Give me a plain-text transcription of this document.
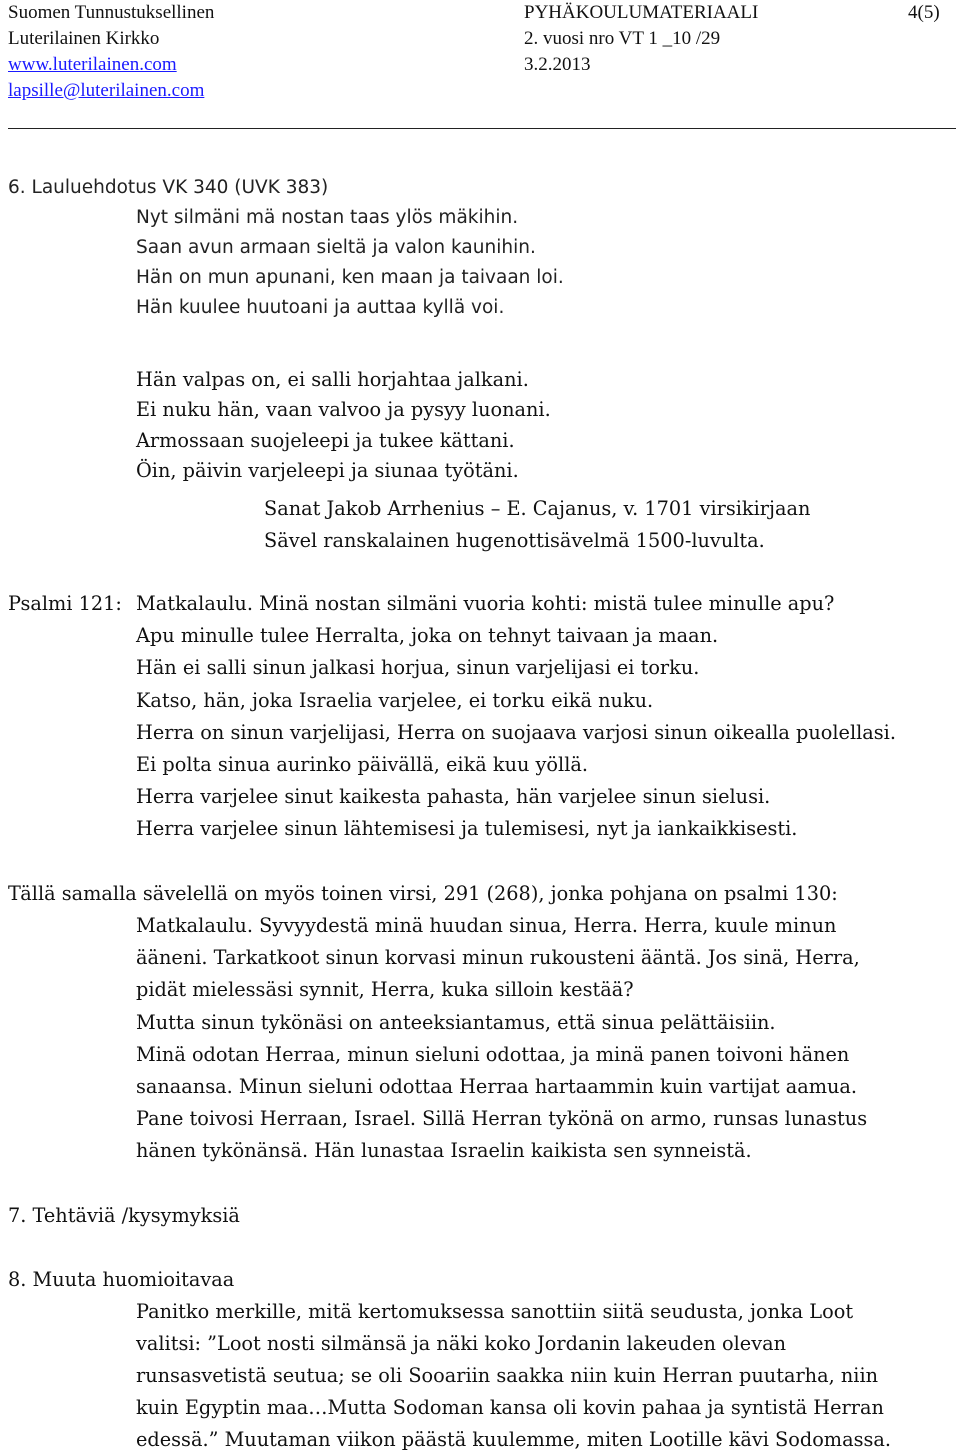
Suomen Tunnustuksellinen
Luterilainen Kirkko
www.luterilainen.com
lapsille@luterilainen.com
PYHÄKOULUMATERIAALI
2. vuosi nro VT 1 _10 /29
3.2.2013
4(5)
6. Lauluehdotus VK 340 (UVK 383)
Nyt silmäni mä nostan taas ylös mäkihin.
Saan avun armaan sieltä ja valon kaunihin.
Hän on mun apunani, ken maan ja taivaan loi.
Hän kuulee huutoani ja auttaa kyllä voi.
Hän valpas on, ei salli horjahtaa jalkani.
Ei nuku hän, vaan valvoo ja pysyy luonani.
Armossaan suojeleepi ja tukee kättani.
Öin, päivin varjeleepi ja siunaa työtäni.
Sanat Jakob Arrhenius – E. Cajanus, v. 1701 virsikirjaan
Sävel ranskalainen hugenottisävelmä 1500-luvulta.
Psalmi 121: Matkalaulu. Minä nostan silmäni vuoria kohti: mistä tulee minulle apu?
Apu minulle tulee Herralta, joka on tehnyt taivaan ja maan.
Hän ei salli sinun jalkasi horjua, sinun varjelijasi ei torku.
Katso, hän, joka Israelia varjelee, ei torku eikä nuku.
Herra on sinun varjelijasi, Herra on suojaava varjosi sinun oikealla puolellasi.
Ei polta sinua aurinko päivällä, eikä kuu yöllä.
Herra varjelee sinut kaikesta pahasta, hän varjelee sinun sielusi.
Herra varjelee sinun lähtemisesi ja tulemisesi, nyt ja iankaikkisesti.
Tällä samalla sävelellä on myös toinen virsi, 291 (268), jonka pohjana on psalmi 130:
Matkalaulu. Syvyydestä minä huudan sinua, Herra. Herra, kuule minun
ääneni. Tarkatkoot sinun korvasi minun rukousteni ääntä. Jos sinä, Herra,
pidät mielessäsi synnit, Herra, kuka silloin kestää?
Mutta sinun tykönäsi on anteeksiantamus, että sinua pelättäisiin.
Minä odotan Herraa, minun sieluni odottaa, ja minä panen toivoni hänen
sanaansa. Minun sieluni odottaa Herraa hartaammin kuin vartijat aamua.
Pane toivosi Herraan, Israel. Sillä Herran tykönä on armo, runsas lunastus
hänen tykönänsä. Hän lunastaa Israelin kaikista sen synneistä.
7. Tehtäviä /kysymyksiä
8. Muuta huomioitavaa
Panitko merkille, mitä kertomuksessa sanottiin siitä seudusta, jonka Loot
valitsi: ”Loot nosti silmänsä ja näki koko Jordanin lakeuden olevan
runsasvetistä seutua; se oli Sooariin saakka niin kuin Herran puutarha, niin
kuin Egyptin maa…Mutta Sodoman kansa oli kovin pahaa ja syntistä Herran
edessä.” Muutaman viikon päästä kuulemme, miten Lootille kävi Sodomassa.
